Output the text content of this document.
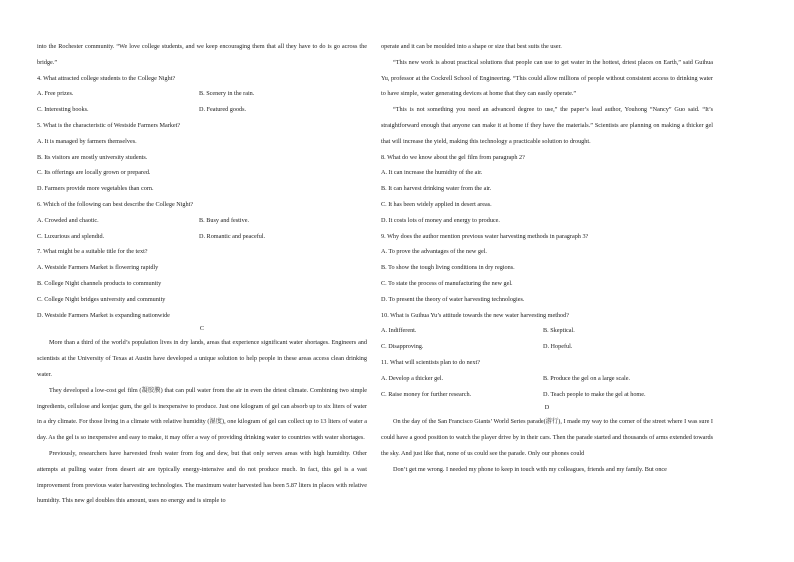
into the Rochester community. “We love college students, and we keep encouraging them that all they have to do is go across the bridge.”
4. What attracted college students to the College Night?
A. Free prizes.	B. Scenery in the rain.
C. Interesting books.	D. Featured goods.
5. What is the characteristic of Westside Farmers Market?
A. It is managed by farmers themselves.
B. Its visitors are mostly university students.
C. Its offerings are locally grown or prepared.
D. Farmers provide more vegetables than corn.
6. Which of the following can best describe the College Night?
A. Crowded and chaotic.	B. Busy and festive.
C. Luxurious and splendid.	D. Romantic and peaceful.
7. What might be a suitable title for the text?
A. Westside Farmers Market is flowering rapidly
B. College Night channels products to community
C. College Night bridges university and community
D. Westside Farmers Market is expanding nationwide
C
More than a third of the world’s population lives in dry lands, areas that experience significant water shortages. Engineers and scientists at the University of Texas at Austin have developed a unique solution to help people in these areas access clean drinking water.
They developed a low-cost gel film (凝胶膜) that can pull water from the air in even the driest climate. Combining two simple ingredients, cellulose and konjac gum, the gel is inexpensive to produce. Just one kilogram of gel can absorb up to six liters of water in a dry climate. For those living in a climate with relative humidity (湿度), one kilogram of gel can collect up to 13 liters of water a day. As the gel is so inexpensive and easy to make, it may offer a way of providing drinking water to countries with water shortages.
Previously, researchers have harvested fresh water from fog and dew, but that only serves areas with high humidity. Other attempts at pulling water from desert air are typically energy-intensive and do not produce much. In fact, this gel is a vast improvement from previous water harvesting technologies. The maximum water harvested has been 5.87 liters in places with relative humidity. This new gel doubles this amount, uses no energy and is simple to
operate and it can be moulded into a shape or size that best suits the user.
“This new work is about practical solutions that people can use to get water in the hottest, driest places on Earth,” said Guihua Yu, professor at the Cockrell School of Engineering. “This could allow millions of people without consistent access to drinking water to have simple, water generating devices at home that they can easily operate.”
“This is not something you need an advanced degree to use,” the paper’s lead author, Youhong “Nancy” Guo said. “It’s straightforward enough that anyone can make it at home if they have the materials.” Scientists are planning on making a thicker gel that will increase the yield, making this technology a practicable solution to drought.
8. What do we know about the gel film from paragraph 2?
A. It can increase the humidity of the air.
B. It can harvest drinking water from the air.
C. It has been widely applied in desert areas.
D. It costs lots of money and energy to produce.
9. Why does the author mention previous water harvesting methods in paragraph 3?
A. To prove the advantages of the new gel.
B. To show the tough living conditions in dry regions.
C. To state the process of manufacturing the new gel.
D. To present the theory of water harvesting technologies.
10. What is Guihua Yu’s attitude towards the new water harvesting method?
A. Indifferent.	B. Skeptical.
C. Disapproving.	D. Hopeful.
11. What will scientists plan to do next?
A. Develop a thicker gel.	B. Produce the gel on a large scale.
C. Raise money for further research.	D. Teach people to make the gel at home.
D
On the day of the San Francisco Giants’ World Series parade(游行), I made my way to the corner of the street where I was sure I could have a good position to watch the player drive by in their cars. Then the parade started and thousands of arms extended towards the sky. And just like that, none of us could see the parade. Only our phones could
Don’t get me wrong. I needed my phone to keep in touch with my colleagues, friends and my family. But once
